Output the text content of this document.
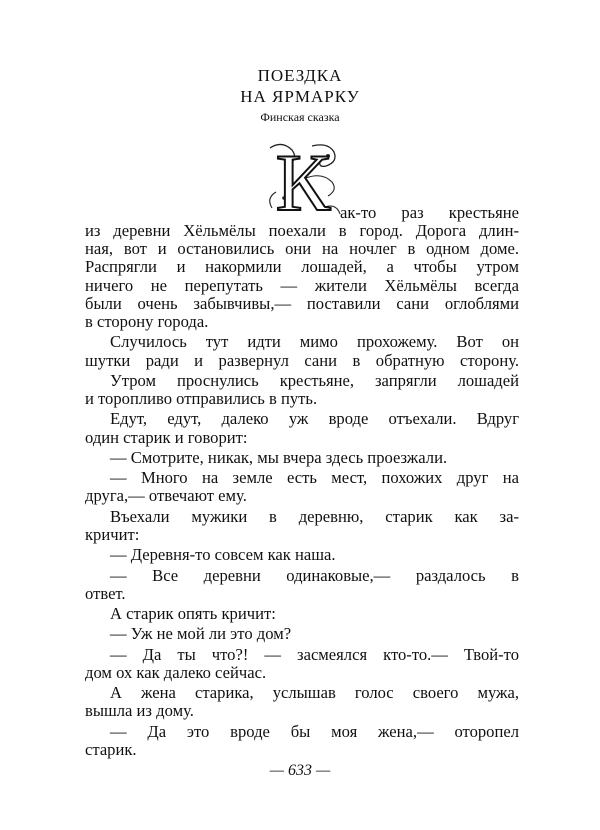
ПОЕЗДКА
НА ЯРМАРКУ
Финская сказка
К
— 633 —
ак-то раз крестьяне
из деревни Хёльмёлы поехали в город. Дорога длин-
ная, вот и остановились они на ночлег в одном доме.
Распрягли и накормили лошадей, а чтобы утром
ничего не перепутать — жители Хёльмёлы всегда
были очень забывчивы,— поставили сани оглоблями
в сторону города.
Случилось тут идти мимо прохожему. Вот он
шутки ради и развернул сани в обратную сторону.
Утром проснулись крестьяне, запрягли лошадей
и торопливо отправились в путь.
Едут, едут, далеко уж вроде отъехали. Вдруг
один старик и говорит:
— Смотрите, никак, мы вчера здесь проезжали.
— Много на земле есть мест, похожих друг на
друга,— отвечают ему.
Въехали мужики в деревню, старик как за-
кричит:
— Деревня-то совсем как наша.
— Все деревни одинаковые,— раздалось в
ответ.
А старик опять кричит:
— Уж не мой ли это дом?
— Да ты что?! — засмеялся кто-то.— Твой-то
дом ох как далеко сейчас.
А жена старика, услышав голос своего мужа,
вышла из дому.
— Да это вроде бы моя жена,— оторопел
старик.
